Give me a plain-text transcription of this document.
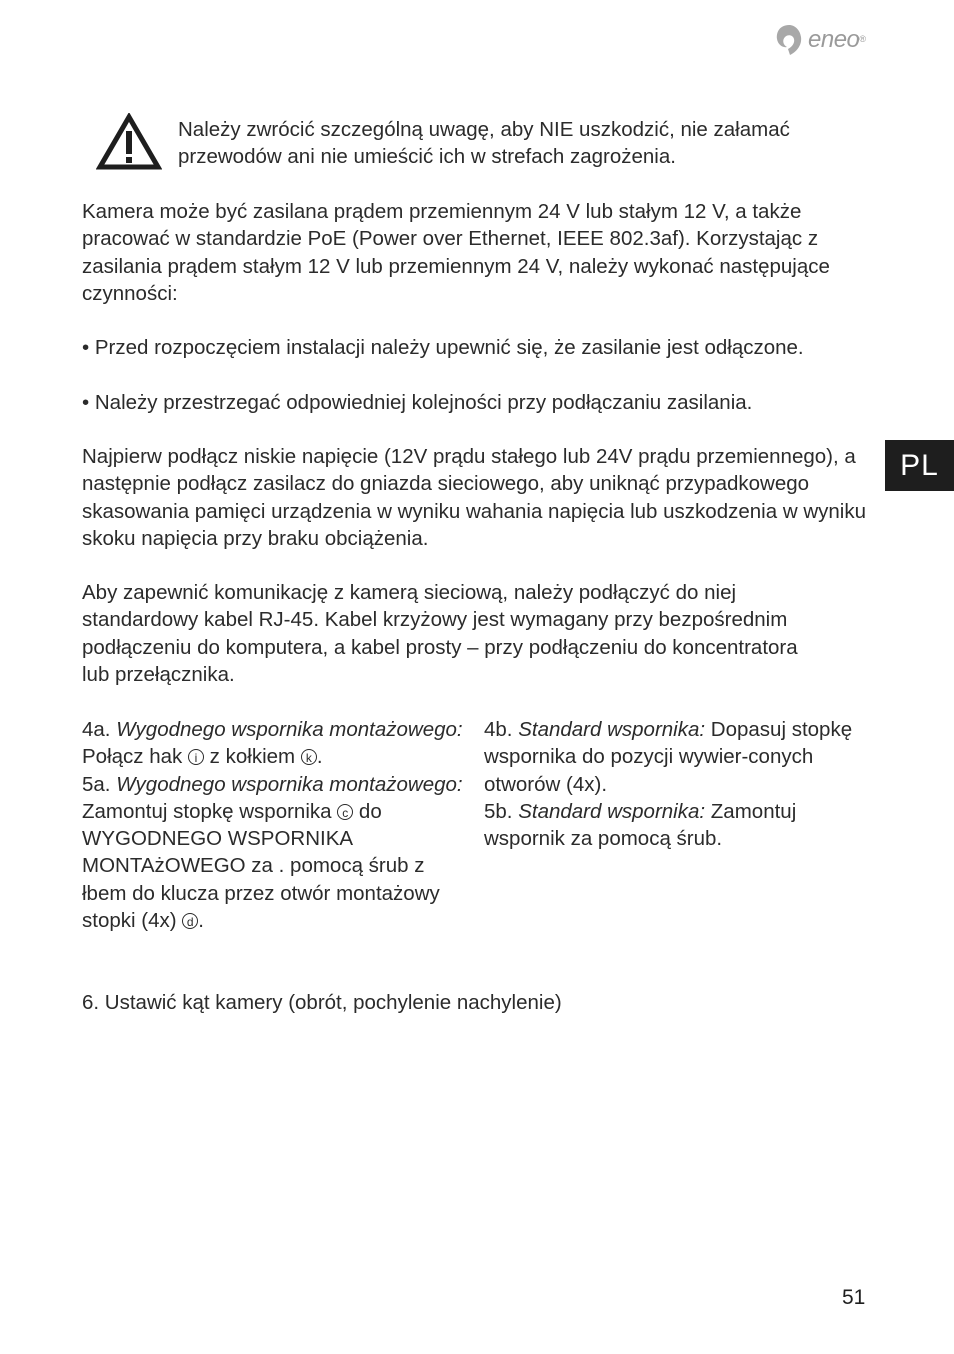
eneo ®
PL
Należy zwrócić szczególną uwagę, aby NIE uszkodzić, nie załamać przewodów ani nie umieścić ich w strefach zagrożenia.

Kamera może być zasilana prądem przemiennym 24 V lub stałym 12 V, a także pracować w standardzie PoE (Power over Ethernet, IEEE 802.3af). Korzystając z zasilania prądem stałym 12 V lub przemiennym 24 V, należy wykonać następujące czynności:

• Przed rozpoczęciem instalacji należy upewnić się, że zasilanie jest odłączone.

• Należy przestrzegać odpowiedniej kolejności przy podłączaniu zasilania.

Najpierw podłącz niskie napięcie (12V prądu stałego lub 24V prądu przemiennego), a następnie podłącz zasilacz do gniazda sieciowego, aby uniknąć przypadkowego skasowania pamięci urządzenia w wyniku wahania napięcia lub uszkodzenia w wyniku skoku napięcia przy braku obciążenia.

Aby zapewnić komunikację z kamerą sieciową, należy podłączyć do niej standardowy kabel RJ-45. Kabel krzyżowy jest wymagany przy bezpośrednim podłączeniu do komputera, a kabel prosty – przy podłączeniu do koncentratora lub przełącznika.

4a. Wygodnego wspornika montażowego: Połącz hak i z kołkiem k .

5a. Wygodnego wspornika montażowego: Zamontuj stopkę wspornika c do WYGODNEGO WSPORNIKA MONTAżOWEGO za . pomocą śrub z łbem do klucza przez otwór montażowy stopki (4x) d .

4b. Standard wspornika: Dopasuj stopkę wspornika do pozycji wywier-conych otworów (4x).

5b. Standard wspornika: Zamontuj wspornik za pomocą śrub.

6. Ustawić kąt kamery (obrót, pochylenie nachylenie)

51
